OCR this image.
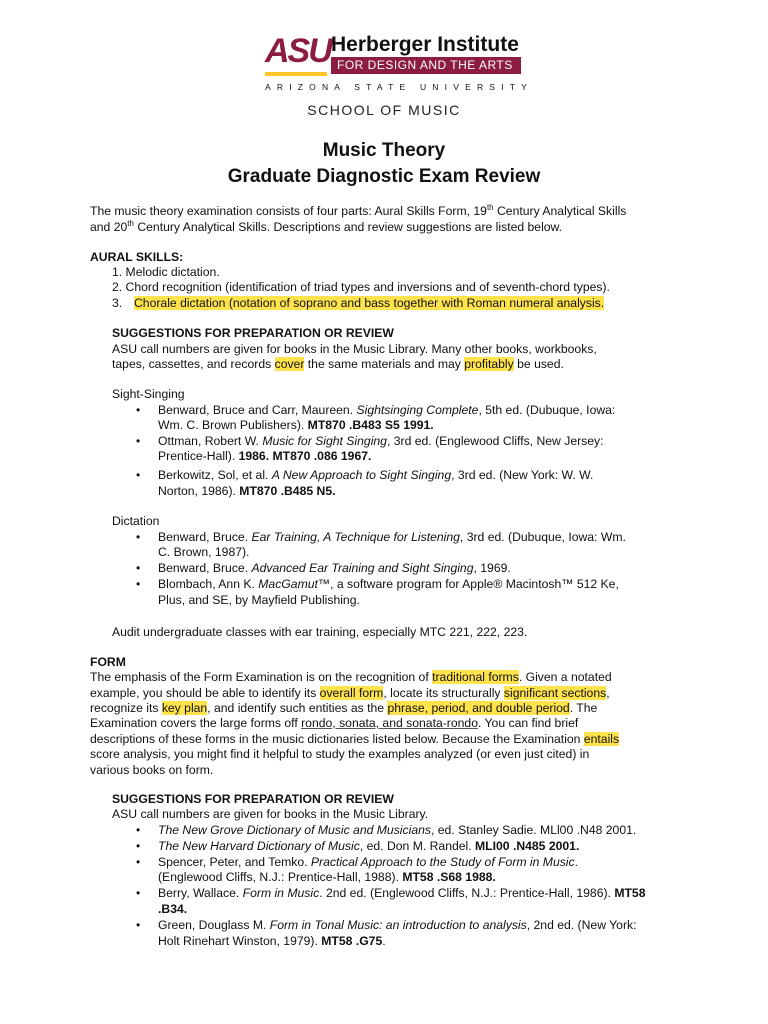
ASU Herberger Institute
FOR DESIGN AND THE ARTS
ARIZONA STATE UNIVERSITY
SCHOOL OF MUSIC
Music Theory
Graduate Diagnostic Exam Review
The music theory examination consists of four parts: Aural Skills Form, 19th Century Analytical Skills
and 20th Century Analytical Skills. Descriptions and review suggestions are listed below.
AURAL SKILLS:
1. Melodic dictation.
2. Chord recognition (identification of triad types and inversions and of seventh-chord types).
3. Chorale dictation (notation of soprano and bass together with Roman numeral analysis.
SUGGESTIONS FOR PREPARATION OR REVIEW
ASU call numbers are given for books in the Music Library. Many other books, workbooks,
tapes, cassettes, and records cover the same materials and may profitably be used.
Sight-Singing
• Benward, Bruce and Carr, Maureen. Sightsinging Complete, 5th ed. (Dubuque, Iowa:
Wm. C. Brown Publishers). MT870 .B483 S5 1991.
• Ottman, Robert W. Music for Sight Singing, 3rd ed. (Englewood Cliffs, New Jersey:
Prentice-Hall). 1986. MT870 .086 1967.
• Berkowitz, Sol, et al. A New Approach to Sight Singing, 3rd ed. (New York: W. W.
Norton, 1986). MT870 .B485 N5.
Dictation
• Benward, Bruce. Ear Training, A Technique for Listening, 3rd ed. (Dubuque, Iowa: Wm.
C. Brown, 1987).
• Benward, Bruce. Advanced Ear Training and Sight Singing, 1969.
• Blombach, Ann K. MacGamut™, a software program for Apple® Macintosh™ 512 Ke,
Plus, and SE, by Mayfield Publishing.
Audit undergraduate classes with ear training, especially MTC 221, 222, 223.
FORM
The emphasis of the Form Examination is on the recognition of traditional forms. Given a notated
example, you should be able to identify its overall form, locate its structurally significant sections,
recognize its key plan, and identify such entities as the phrase, period, and double period. The
Examination covers the large forms off rondo, sonata, and sonata-rondo. You can find brief
descriptions of these forms in the music dictionaries listed below. Because the Examination entails
score analysis, you might find it helpful to study the examples analyzed (or even just cited) in
various books on form.
SUGGESTIONS FOR PREPARATION OR REVIEW
ASU call numbers are given for books in the Music Library.
• The New Grove Dictionary of Music and Musicians, ed. Stanley Sadie. MLl00 .N48 2001.
• The New Harvard Dictionary of Music, ed. Don M. Randel. MLI00 .N485 2001.
• Spencer, Peter, and Temko. Practical Approach to the Study of Form in Music.
(Englewood Cliffs, N.J.: Prentice-Hall, 1988). MT58 .S68 1988.
• Berry, Wallace. Form in Music. 2nd ed. (Englewood Cliffs, N.J.: Prentice-Hall, 1986). MT58
.B34.
• Green, Douglass M. Form in Tonal Music: an introduction to analysis, 2nd ed. (New York:
Holt Rinehart Winston, 1979). MT58 .G75.
